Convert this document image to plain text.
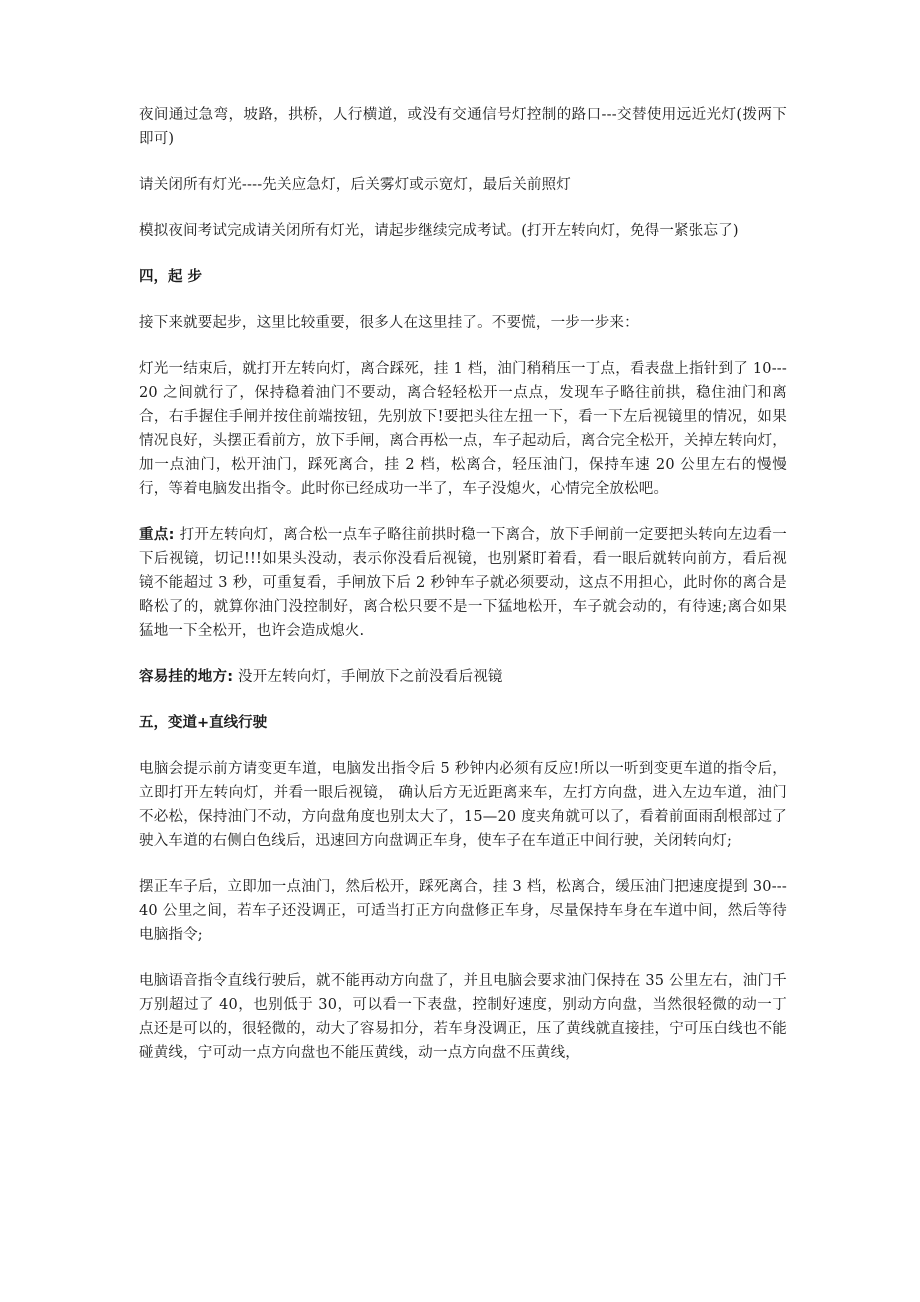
夜间通过急弯，坡路，拱桥，人行横道，或没有交通信号灯控制的路口---交替使用远近光灯(拨两下即可)

请关闭所有灯光----先关应急灯，后关雾灯或示宽灯，最后关前照灯

模拟夜间考试完成请关闭所有灯光，请起步继续完成考试。(打开左转向灯，免得一紧张忘了)

四，起 步

接下来就要起步，这里比较重要，很多人在这里挂了。不要慌，一步一步来：

灯光一结束后，就打开左转向灯，离合踩死，挂 1 档，油门稍稍压一丁点，看表盘上指针到了 10---20 之间就行了，保持稳着油门不要动，离合轻轻松开一点点，发现车子略往前拱，稳住油门和离合，右手握住手闸并按住前端按钮，先别放下!要把头往左扭一下，看一下左后视镜里的情况，如果情况良好，头摆正看前方，放下手闸，离合再松一点，车子起动后，离合完全松开，关掉左转向灯，加一点油门，松开油门，踩死离合，挂 2 档，松离合，轻压油门，保持车速 20 公里左右的慢慢行，等着电脑发出指令。此时你已经成功一半了，车子没熄火，心情完全放松吧。

重点: 打开左转向灯，离合松一点车子略往前拱时稳一下离合，放下手闸前一定要把头转向左边看一下后视镜，切记!!!如果头没动，表示你没看后视镜，也别紧盯着看，看一眼后就转向前方，看后视镜不能超过 3 秒，可重复看，手闸放下后 2 秒钟车子就必须要动，这点不用担心，此时你的离合是略松了的，就算你油门没控制好，离合松只要不是一下猛地松开，车子就会动的，有待速;离合如果猛地一下全松开，也许会造成熄火.

容易挂的地方: 没开左转向灯，手闸放下之前没看后视镜

五，变道+直线行驶

电脑会提示前方请变更车道，电脑发出指令后 5 秒钟内必须有反应!所以一听到变更车道的指令后，立即打开左转向灯，并看一眼后视镜， 确认后方无近距离来车，左打方向盘，进入左边车道，油门不必松，保持油门不动，方向盘角度也别太大了，15—20 度夹角就可以了，看着前面雨刮根部过了驶入车道的右侧白色线后，迅速回方向盘调正车身，使车子在车道正中间行驶，关闭转向灯;

摆正车子后，立即加一点油门，然后松开，踩死离合，挂 3 档，松离合，缓压油门把速度提到 30---40 公里之间，若车子还没调正，可适当打正方向盘修正车身，尽量保持车身在车道中间，然后等待电脑指令;

电脑语音指令直线行驶后，就不能再动方向盘了，并且电脑会要求油门保持在 35 公里左右，油门千万别超过了 40，也别低于 30，可以看一下表盘，控制好速度，别动方向盘，当然很轻微的动一丁点还是可以的，很轻微的，动大了容易扣分，若车身没调正，压了黄线就直接挂，宁可压白线也不能碰黄线，宁可动一点方向盘也不能压黄线，动一点方向盘不压黄线，
